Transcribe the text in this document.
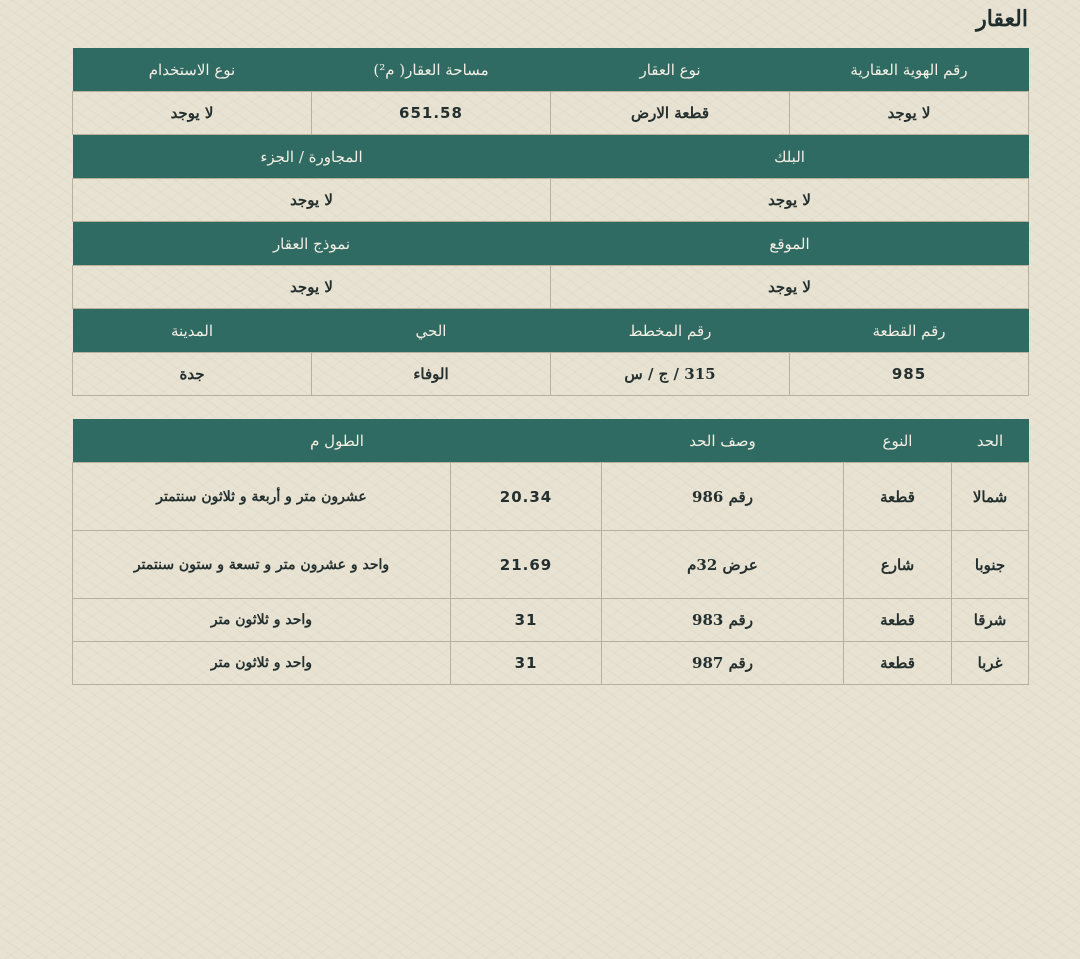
العقار
رقم الهوية العقارية	نوع العقار	مساحة العقار( م²)	نوع الاستخدام
لا يوجد	قطعة الارض	651.58	لا يوجد
البلك		المجاورة / الجزء	
لا يوجد		لا يوجد	
الموقع		نموذج العقار	
لا يوجد		لا يوجد	
رقم القطعة	رقم المخطط	الحي	المدينة
985	315 / ج / س	الوفاء	جدة
الحد	النوع	وصف الحد	الطول م	
شمالا	قطعة	رقم 986	20.34	عشرون متر و أربعة و ثلاثون سنتمتر
جنوبا	شارع	عرض 32م	21.69	واحد و عشرون متر و تسعة و ستون سنتمتر
شرقا	قطعة	رقم 983	31	واحد و ثلاثون متر
غربا	قطعة	رقم 987	31	واحد و ثلاثون متر
